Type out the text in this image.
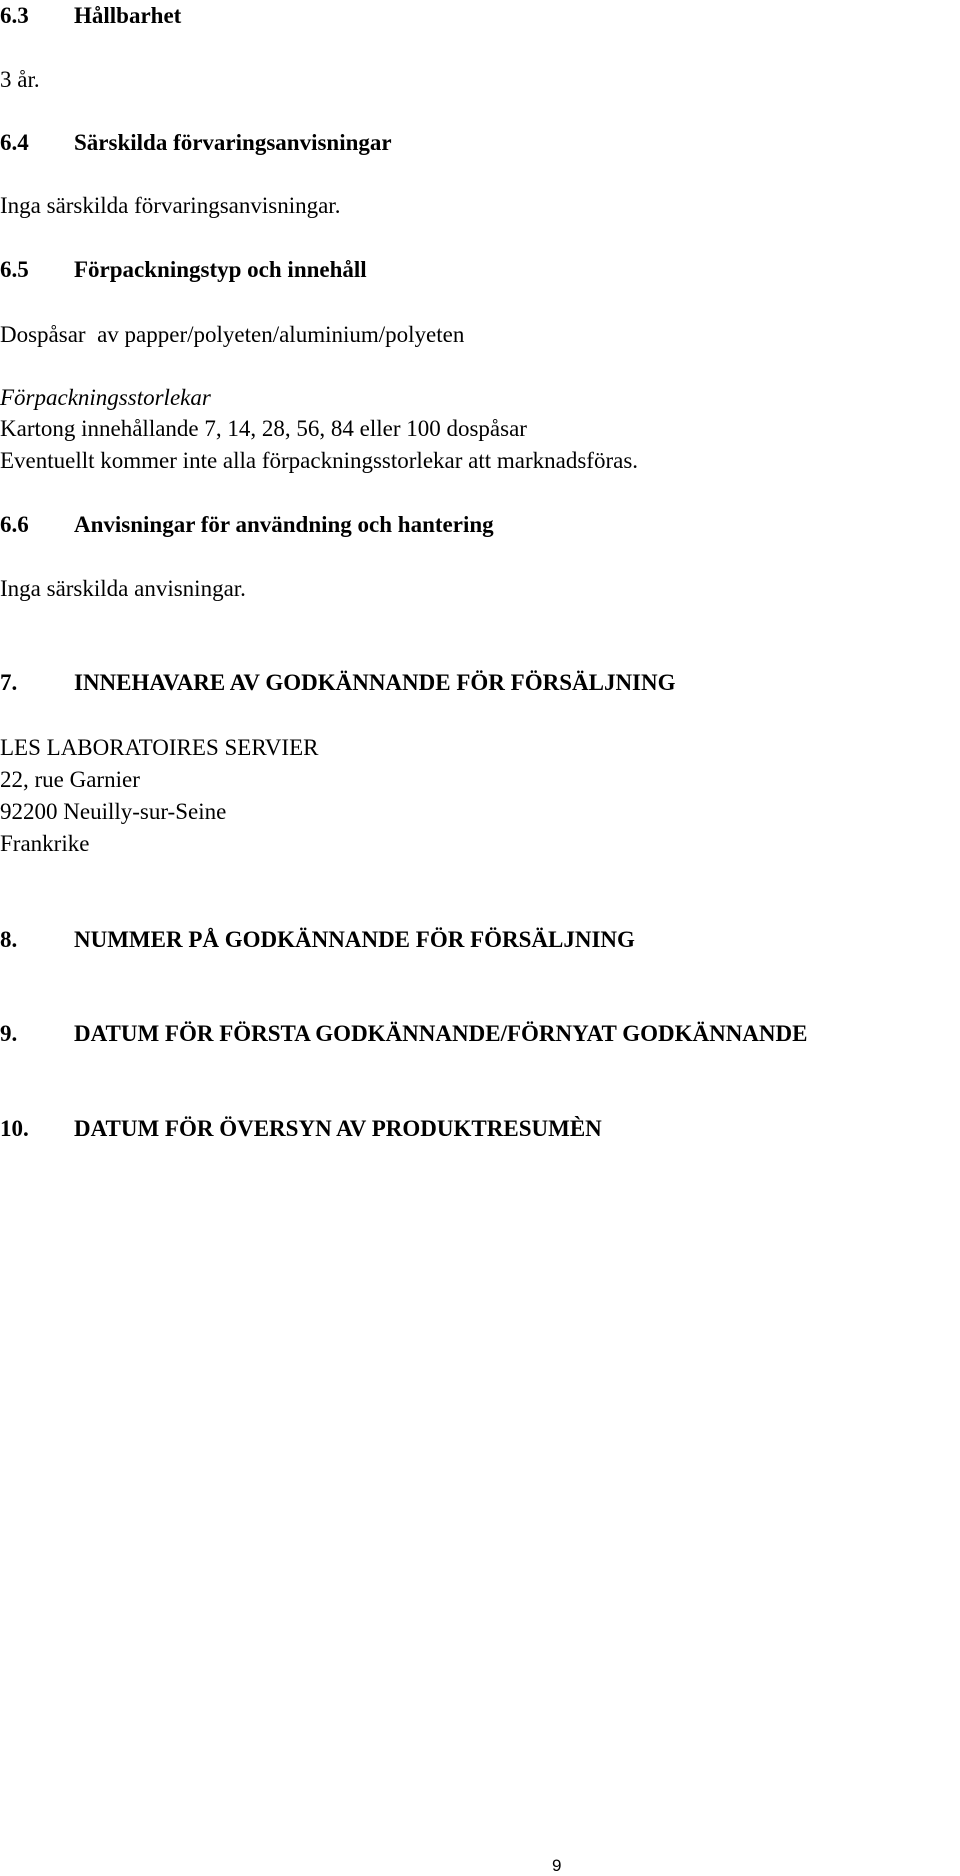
6.3 Hållbarhet
3 år.
6.4 Särskilda förvaringsanvisningar
Inga särskilda förvaringsanvisningar.
6.5 Förpackningstyp och innehåll
Dospåsar  av papper/polyeten/aluminium/polyeten
Förpackningsstorlekar
Kartong innehållande 7, 14, 28, 56, 84 eller 100 dospåsar
Eventuellt kommer inte alla förpackningsstorlekar att marknadsföras.
6.6 Anvisningar för användning och hantering
Inga särskilda anvisningar.
7. INNEHAVARE AV GODKÄNNANDE FÖR FÖRSÄLJNING
LES LABORATOIRES SERVIER
22, rue Garnier
92200 Neuilly-sur-Seine
Frankrike
8. NUMMER PÅ GODKÄNNANDE FÖR FÖRSÄLJNING
9. DATUM FÖR FÖRSTA GODKÄNNANDE/FÖRNYAT GODKÄNNANDE
10. DATUM FÖR ÖVERSYN AV PRODUKTRESUMÈN
9
